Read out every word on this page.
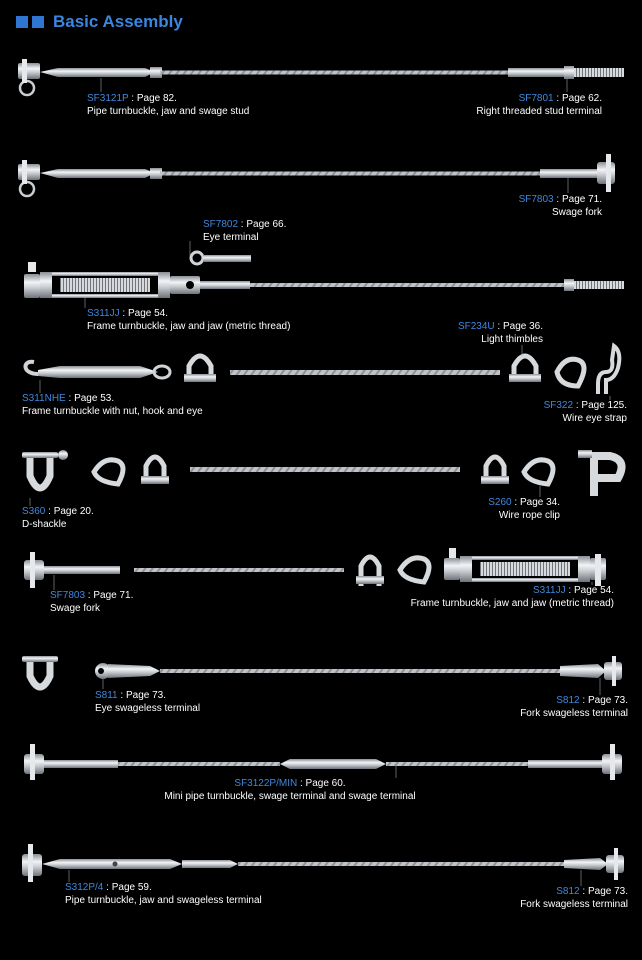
Basic Assembly
SF3121P : Page 82.
Pipe turnbuckle, jaw and swage stud
SF7801 : Page 62.
Right threaded stud terminal
SF7803 : Page 71.
Swage fork
SF7802 : Page 66.
Eye terminal
S311JJ : Page 54.
Frame turnbuckle, jaw and jaw (metric thread)	SF234U : Page 36.
Light thimbles
S311NHE : Page 53.
Frame turnbuckle with nut, hook and eye	SF322 : Page 125.
Wire eye strap
S360 : Page 20.
D-shackle
S260 : Page 34.
Wire rope clip
SF7803 : Page 71.
Swage fork
S311JJ : Page 54.
Frame turnbuckle, jaw and jaw (metric thread)
S811 : Page 73.
Eye swageless terminal
S812 : Page 73.
Fork swageless terminal
SF3122P/MIN : Page 60.
Mini pipe turnbuckle, swage terminal and swage terminal
S312P/4 : Page 59.
Pipe turnbuckle, jaw and swageless terminal
S812 : Page 73.
Fork swageless terminal
